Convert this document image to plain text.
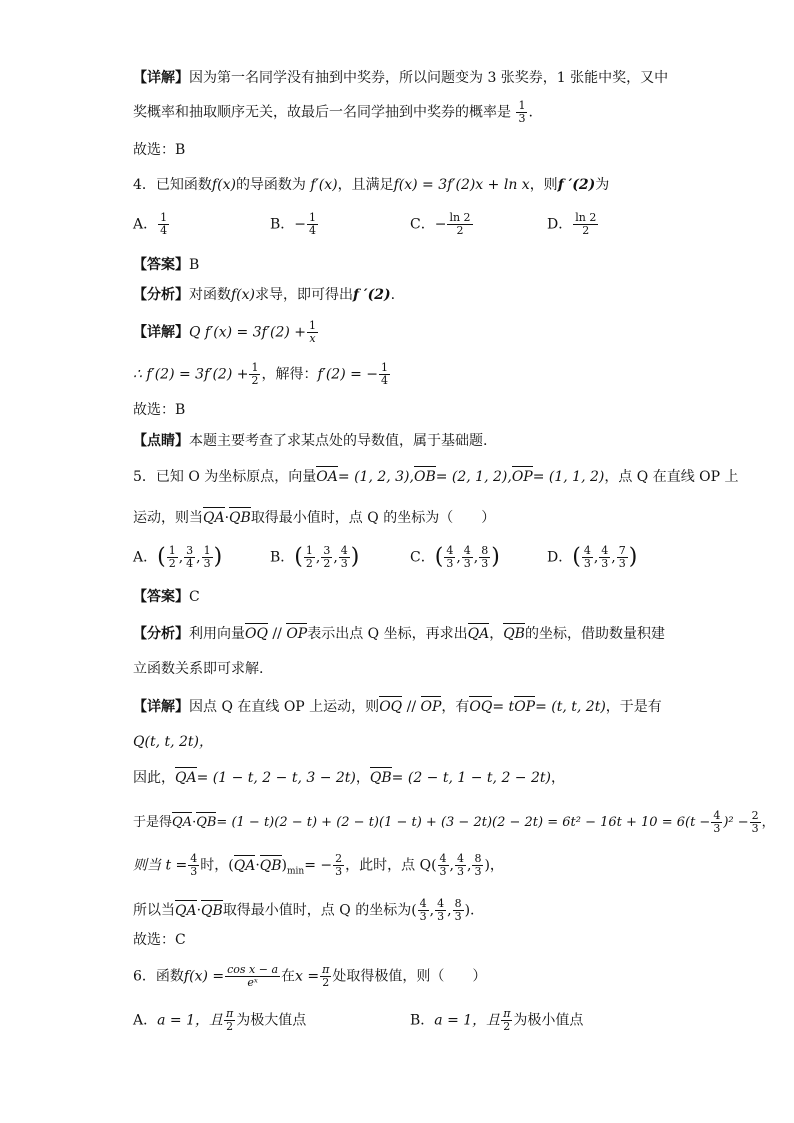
【详解】因为第一名同学没有抽到中奖券，所以问题变为 3 张奖券，1 张能中奖，又中
奖概率和抽取顺序无关，故最后一名同学抽到中奖券的概率是 $\frac{1}{3}$ .
故选：B
4．已知函数f(x)的导函数为 f′(x)，且满足f(x) = 3f′(2)x + ln x，则f ′(2)为
A． $\frac{1}{4}$	B．− $\frac{1}{4}$	C．− $\frac{\ln 2}{2}$	D． $\frac{\ln 2}{2}$
【答案】B
【分析】对函数f(x)求导，即可得出f ′(2).
【详解】Q $f'(x) = 3f'(2) + \frac{1}{x}$
∴ $f'(2) = 3f'(2) + \frac{1}{2}$ ，解得：f′(2) = − $\frac{1}{4}$
故选：B
【点睛】本题主要考查了求某点处的导数值，属于基础题.
5．已知 O 为坐标原点，向量OA= (1, 2, 3),OB= (2, 1, 2),OP= (1, 1, 2)，点 Q 在直线 OP 上
运动，则当QA·QB取得最小值时，点 Q 的坐标为（　　）
A．( $\frac{1}{2}$ , $\frac{3}{4}$ , $\frac{1}{3}$ )	B．( $\frac{1}{2}$ , $\frac{3}{2}$ , $\frac{4}{3}$ )	C．( $\frac{4}{3}$ , $\frac{4}{3}$ , $\frac{8}{3}$ )	D．( $\frac{4}{3}$ , $\frac{4}{3}$ , $\frac{7}{3}$ )
【答案】C
【分析】利用向量OQ // OP表示出点 Q 坐标，再求出QA，QB的坐标，借助数量积建
立函数关系即可求解.
【详解】因点 Q 在直线 OP 上运动，则OQ // OP，有OQ= tOP= (t, t, 2t)，于是有
Q(t, t, 2t)，
因此，QA= (1 − t, 2 − t, 3 − 2t)，QB= (2 − t, 1 − t, 2 − 2t)，
于是得$QA\cdot QB= (1 - t)(2 - t) + (2 - t)(1 - t) + (3 - 2t)(2 - 2t) = 6t^2 - 16t + 10 = 6(t - \frac{4}{3} )^2 - \frac{2}{3}$ ，
则当 $t = \frac{4}{3}$ 时，$(QA\cdot QB)_{min}= - \frac{2}{3}$ ，此时，点 $Q( \frac{4}{3}$ , $\frac{4}{3}$ , $\frac{8}{3}$ )，
所以当QA·QB取得最小值时，点 Q 的坐标为( $\frac{4}{3}$ , $\frac{4}{3}$ , $\frac{8}{3}$ ).
故选：C
6．函数$f(x) = \frac{\text{cos x − a}}{\text{eˣ}}$ 在$x = \frac{\pi}{2}$ 处取得极值，则（　　）
A．a = 1，且 $\frac{\pi}{2}$ 为极大值点	B．a = 1，且 $\frac{\pi}{2}$ 为极小值点
